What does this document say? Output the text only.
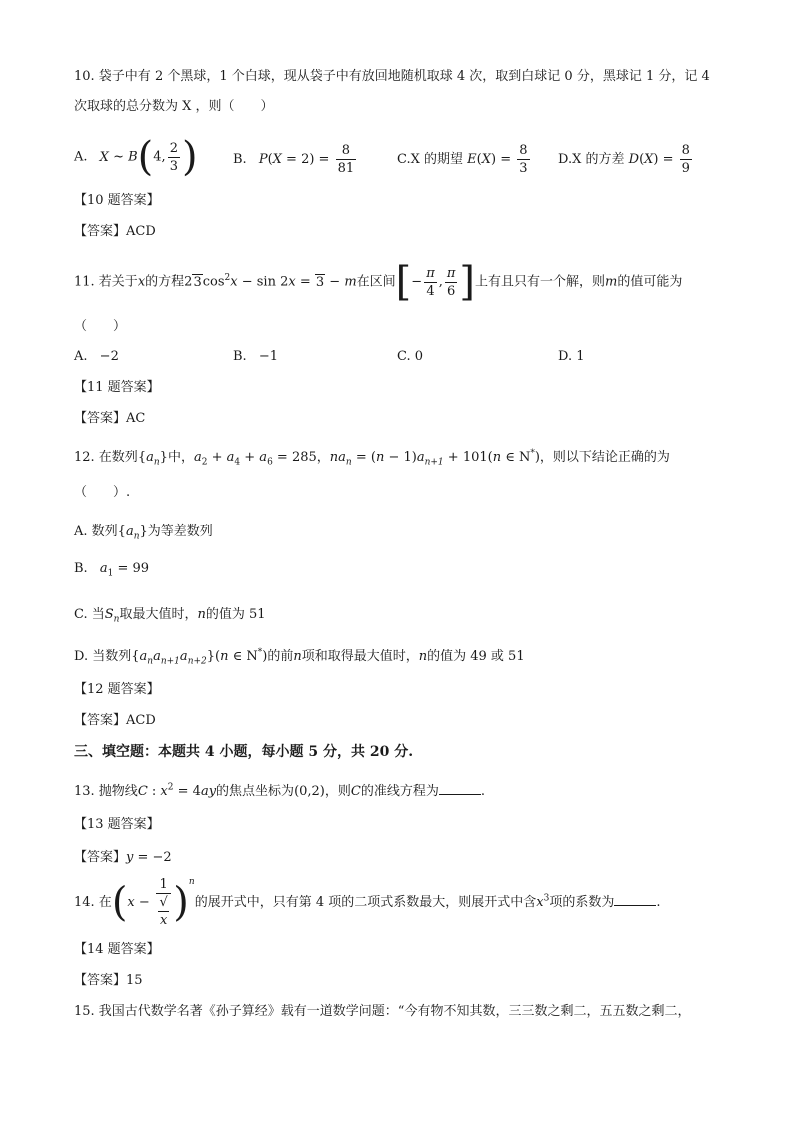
10. 袋子中有 2 个黑球，1 个白球，现从袋子中有放回地随机取球 4 次，取到白球记 0 分，黑球记 1 分，记 4
次取球的总分数为 X ，则（　　）
A. X ~ B(4, $\frac{2}{3}$ )	B. $P(X = 2) = \frac{8}{81}$	C.X 的期望 $E(X) = \frac{8}{3} D.X$ 的方差 $D(X) = \frac{8}{9}$
【10 题答案】
【答案】ACD
11. 若关于x的方程$23\cos^2x - \sin 2x = 3 - m$在区间[− $\frac{\pi}{4}$ , $\frac{\pi}{6}$ ]上有且只有一个解，则m的值可能为
（　　）
A. −2	B. −1	C. 0	D. 1
【11 题答案】
【答案】AC
12. 在数列$\{a_n\}$中，$a_2 + a_4 + a_6 = 285$，$na_n = (n - 1)a_{n+1} + 101(n$ ∈ N*)，则以下结论正确的为
（　　）.
A. 数列$\{a_n\}$为等差数列
B. $a_1 = 99$
C. 当$S_n$取最大值时，n的值为 51
D. 当数列$\{a_na_{n+1}a_{n+2}\}(n$ ∈ N*)的前n项和取得最大值时，n的值为 49 或 51
【12 题答案】
【答案】ACD
三、填空题：本题共 4 小题，每小题 5 分，共 20 分.
13. 抛物线C : $x^2 = 4ay$的焦点坐标为(0,2)，则C的准线方程为	.
【13 题答案】
【答案】y = −2
14. 在(x − 1
√
x )$^n$的展开式中，只有第 4 项的二项式系数最大，则展开式中含$x^3$项的系数为	.
【14 题答案】
【答案】15
15. 我国古代数学名著《孙子算经》载有一道数学问题：“今有物不知其数，三三数之剩二，五五数之剩二，
